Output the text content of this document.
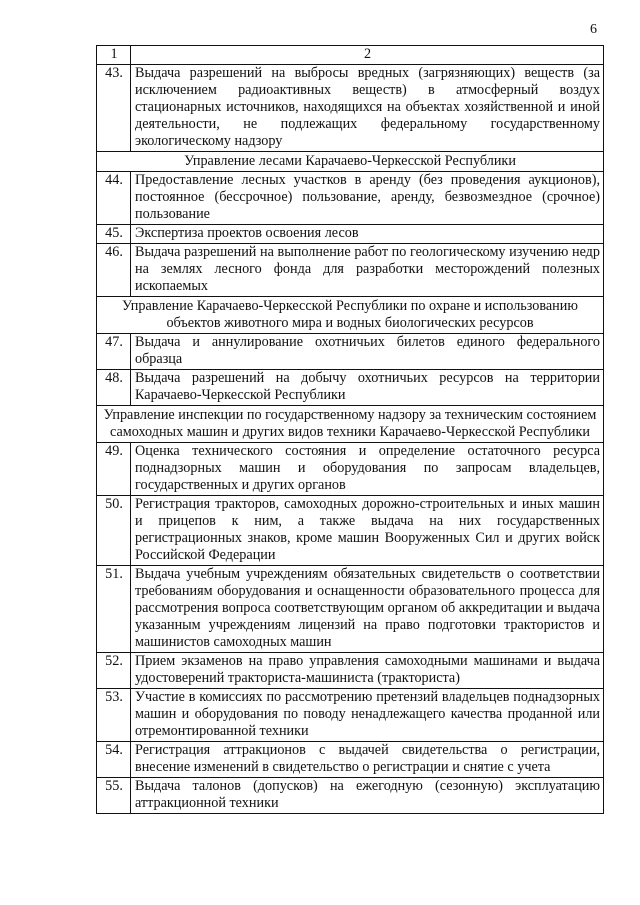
6
1	2
43.	Выдача разрешений на выбросы вредных (загрязняющих) веществ (за исключением радиоактивных веществ) в атмосферный воздух стационарных источников, находящихся на объектах хозяйственной и иной деятельности, не подлежащих федеральному государственному экологическому надзору
Управление лесами Карачаево-Черкесской Республики	
44.	Предоставление лесных участков в аренду (без проведения аукционов), постоянное (бессрочное) пользование, аренду, безвозмездное (срочное) пользование
45.	Экспертиза проектов освоения лесов
46.	Выдача разрешений на выполнение работ по геологическому изучению недр на землях лесного фонда для разработки месторождений полезных ископаемых
Управление Карачаево-Черкесской Республики по охране и использованию объектов животного мира и водных биологических ресурсов	
47.	Выдача и аннулирование охотничьих билетов единого федерального образца
48.	Выдача разрешений на добычу охотничьих ресурсов на территории Карачаево-Черкесской Республики
Управление инспекции по государственному надзору за техническим состоянием самоходных машин и других видов техники Карачаево-Черкесской Республики	
49.	Оценка технического состояния и определение остаточного ресурса поднадзорных машин и оборудования по запросам владельцев, государственных и других органов
50.	Регистрация тракторов, самоходных дорожно-строительных и иных машин и прицепов к ним, а также выдача на них государственных регистрационных знаков, кроме машин Вооруженных Сил и других войск Российской Федерации
51.	Выдача учебным учреждениям обязательных свидетельств о соответствии требованиям оборудования и оснащенности образовательного процесса для рассмотрения вопроса соответствующим органом об аккредитации и выдача указанным учреждениям лицензий на право подготовки трактористов и машинистов самоходных машин
52.	Прием экзаменов на право управления самоходными машинами и выдача удостоверений тракториста-машиниста (тракториста)
53.	Участие в комиссиях по рассмотрению претензий владельцев поднадзорных машин и оборудования по поводу ненадлежащего качества проданной или отремонтированной техники
54.	Регистрация аттракционов с выдачей свидетельства о регистрации, внесение изменений в свидетельство о регистрации и снятие с учета
55.	Выдача талонов (допусков) на ежегодную (сезонную) эксплуатацию аттракционной техники
